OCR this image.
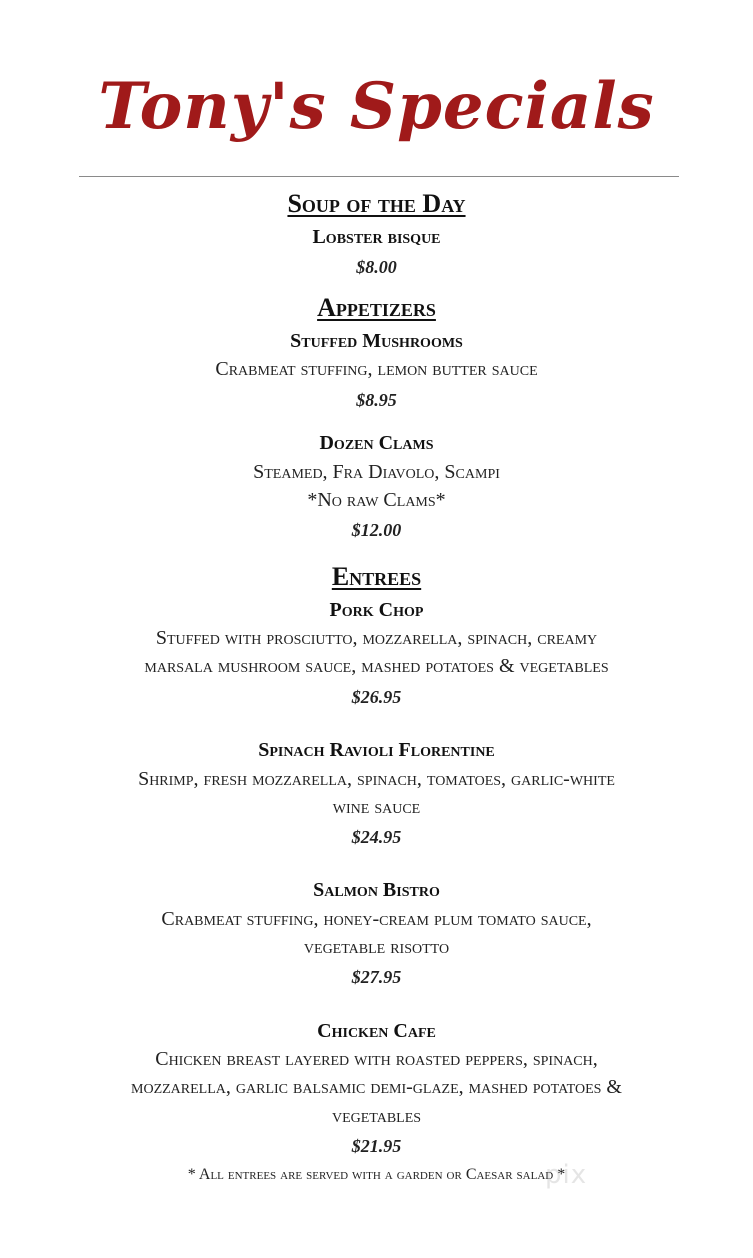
Tony's Specials
Soup of the Day
Lobster bisque
$8.00
Appetizers
Stuffed Mushrooms
Crabmeat stuffing, lemon butter sauce
$8.95
Dozen Clams
Steamed, Fra Diavolo, Scampi
*No raw Clams*
$12.00
Entrees
Pork Chop
Stuffed with prosciutto, mozzarella, spinach, creamy
marsala mushroom sauce, mashed potatoes & vegetables
$26.95
Spinach Ravioli Florentine
Shrimp, fresh mozzarella, spinach, tomatoes, garlic-white
wine sauce
$24.95
Salmon Bistro
Crabmeat stuffing, honey-cream plum tomato sauce,
vegetable risotto
$27.95
Chicken Cafe
Chicken breast layered with roasted peppers, spinach,
mozzarella, garlic balsamic demi-glaze, mashed potatoes &
vegetables
$21.95
* All entrees are served with a garden or Caesar salad *
pix
